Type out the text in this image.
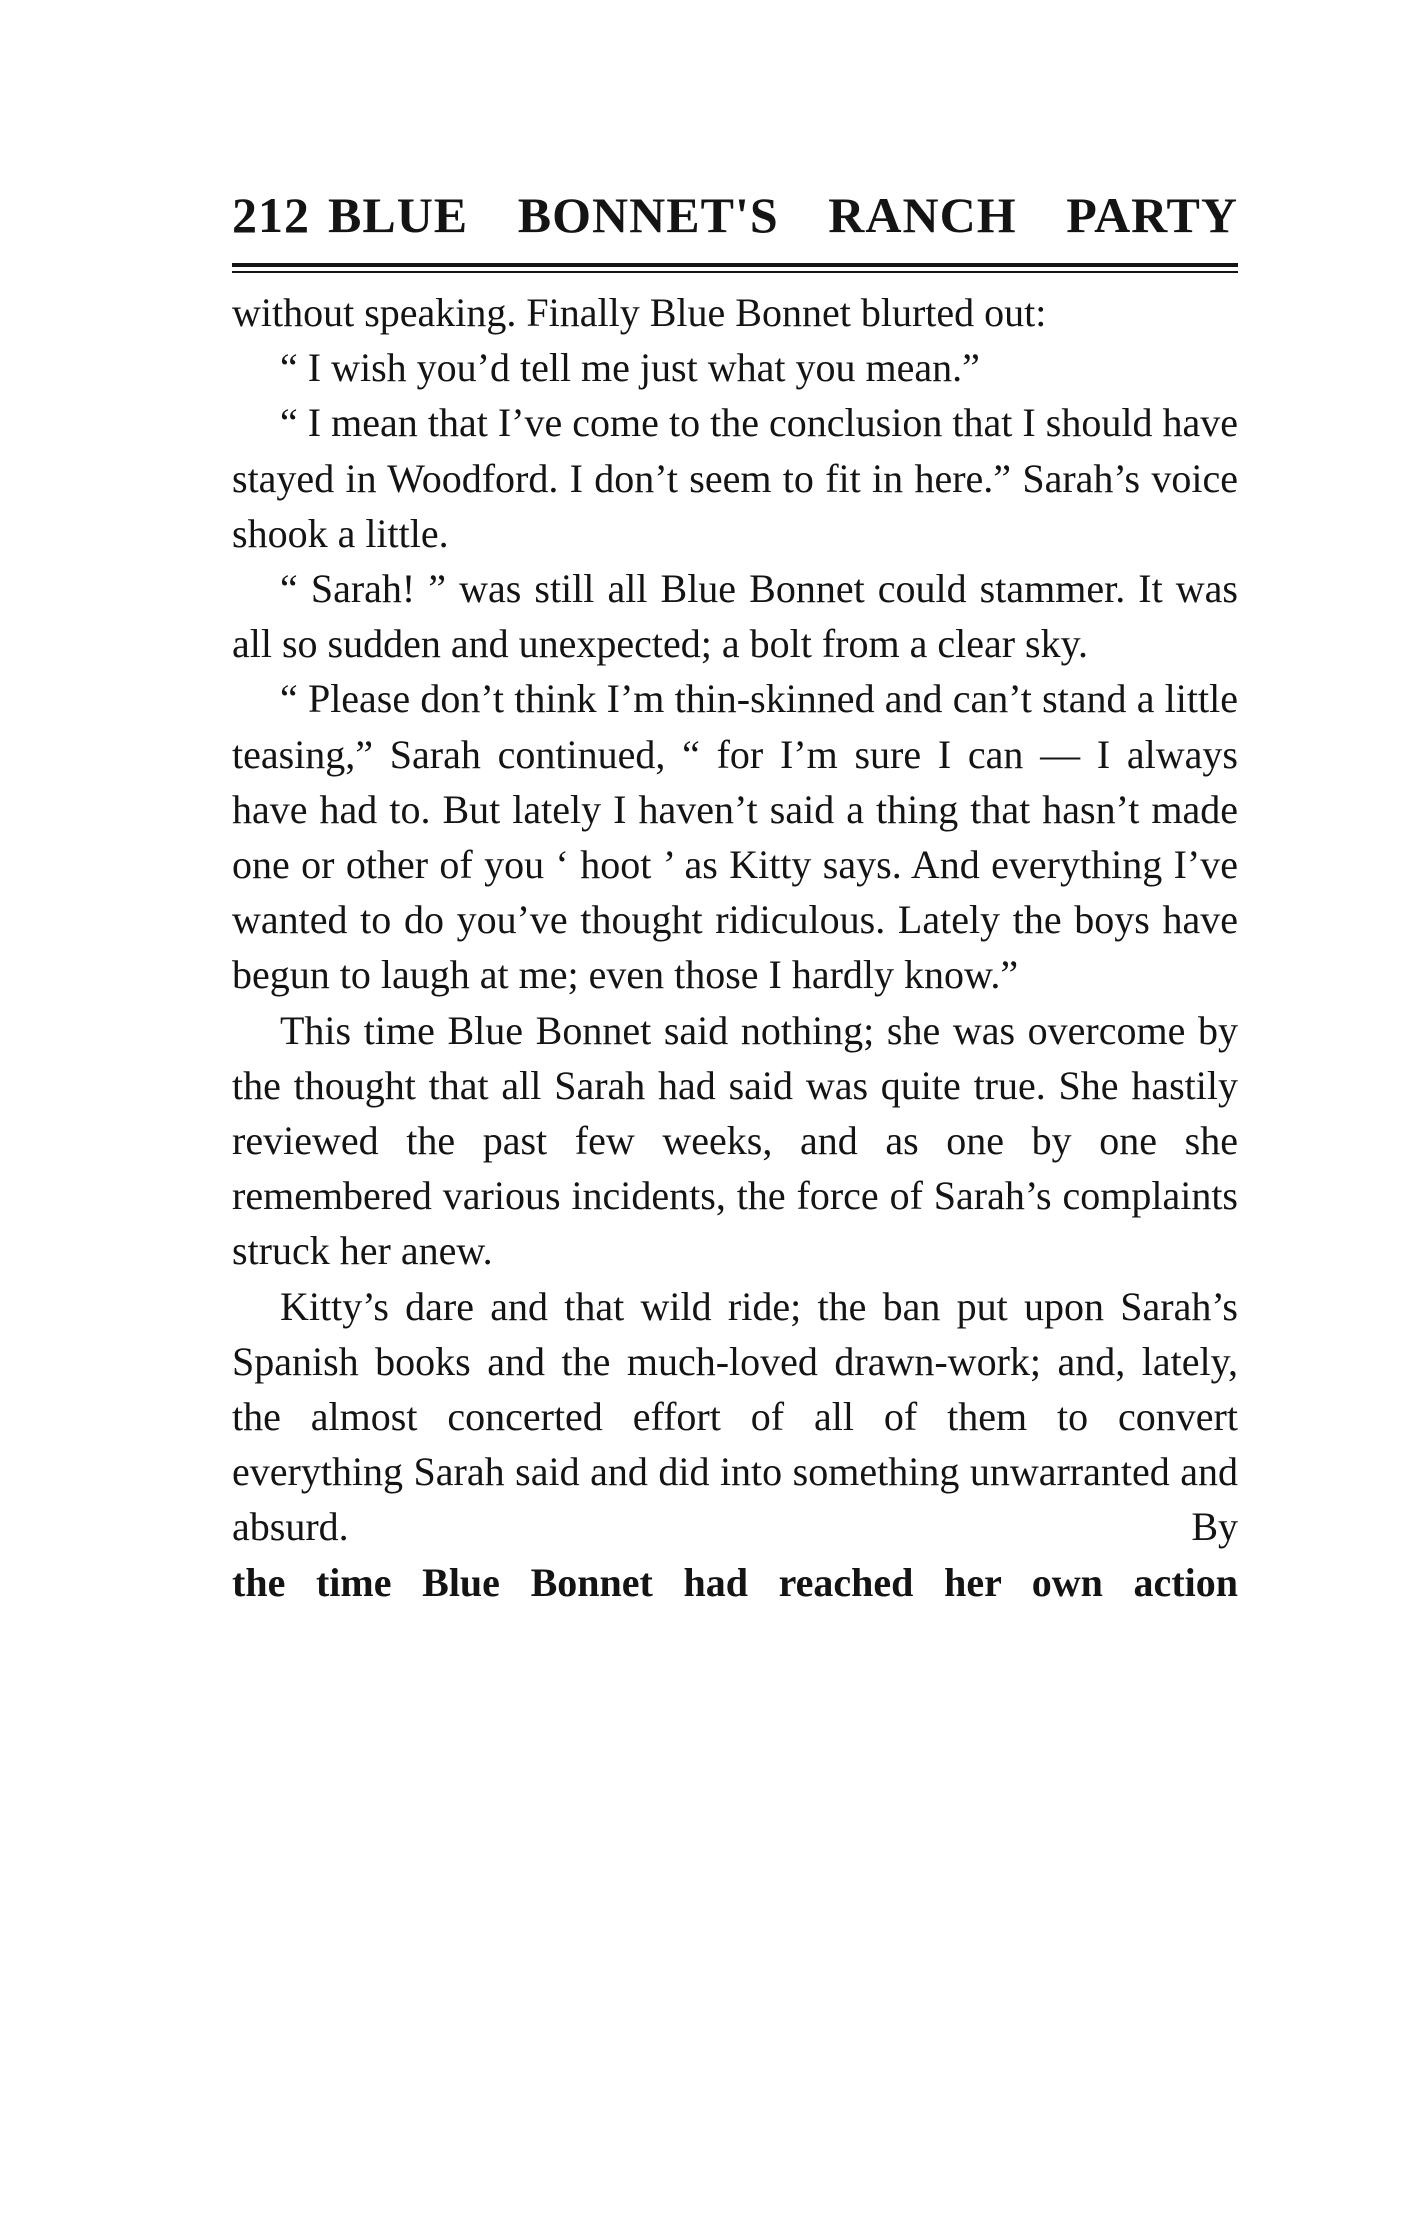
212 BLUE BONNET'S RANCH PARTY

without speaking. Finally Blue Bonnet blurted out:

“ I wish you’d tell me just what you mean.”

“ I mean that I’ve come to the conclusion that I should have stayed in Woodford. I don’t seem to fit in here.” Sarah’s voice shook a little.

“ Sarah! ” was still all Blue Bonnet could stammer. It was all so sudden and unexpected; a bolt from a clear sky.

“ Please don’t think I’m thin-skinned and can’t stand a little teasing,” Sarah continued, “ for I’m sure I can — I always have had to. But lately I haven’t said a thing that hasn’t made one or other of you ‘ hoot ’ as Kitty says. And everything I’ve wanted to do you’ve thought ridiculous. Lately the boys have begun to laugh at me; even those I hardly know.”

This time Blue Bonnet said nothing; she was overcome by the thought that all Sarah had said was quite true. She hastily reviewed the past few weeks, and as one by one she remembered various incidents, the force of Sarah’s complaints struck her anew.

Kitty’s dare and that wild ride; the ban put upon Sarah’s Spanish books and the much-loved drawn-work; and, lately, the almost concerted effort of all of them to convert everything Sarah said and did into something unwarranted and absurd. By

the time Blue Bonnet had reached her own action
